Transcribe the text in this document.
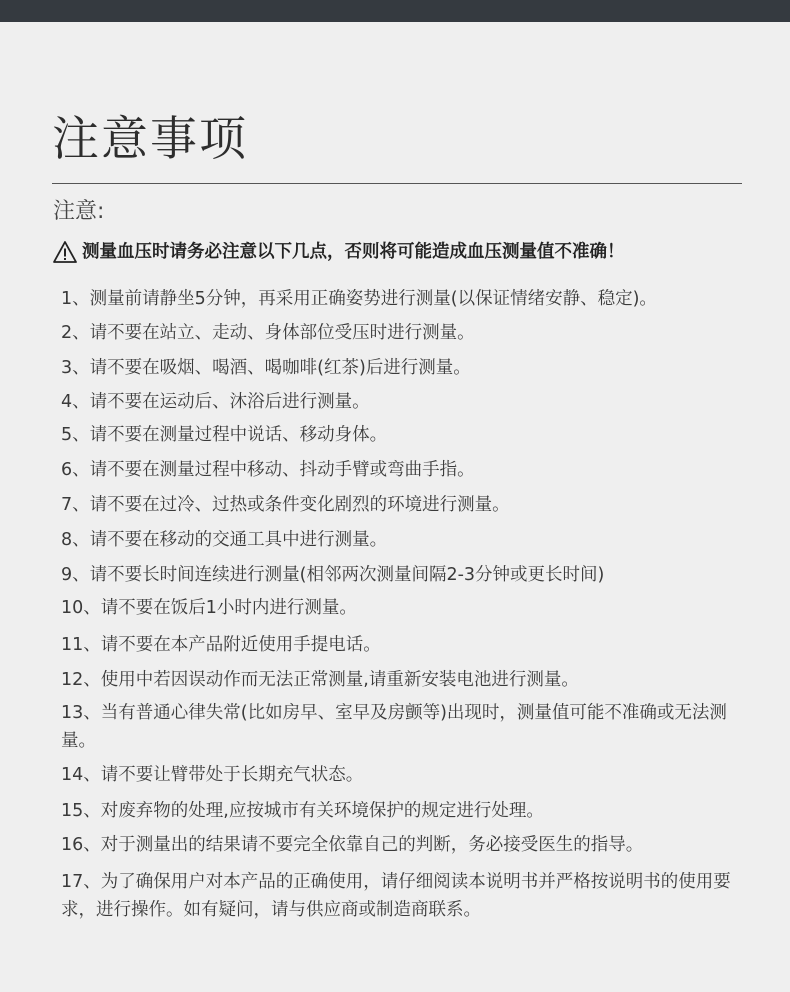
注意事项
注意:
测量血压时请务必注意以下几点，否则将可能造成血压测量值不准确！
1、测量前请静坐5分钟，再采用正确姿势进行测量(以保证情绪安静、稳定)。
2、请不要在站立、走动、身体部位受压时进行测量。
3、请不要在吸烟、喝酒、喝咖啡(红茶)后进行测量。
4、请不要在运动后、沐浴后进行测量。
5、请不要在测量过程中说话、移动身体。
6、请不要在测量过程中移动、抖动手臂或弯曲手指。
7、请不要在过冷、过热或条件变化剧烈的环境进行测量。
8、请不要在移动的交通工具中进行测量。
9、请不要长时间连续进行测量(相邻两次测量间隔2-3分钟或更长时间)
10、请不要在饭后1小时内进行测量。
11、请不要在本产品附近使用手提电话。
12、使用中若因误动作而无法正常测量,请重新安装电池进行测量。
13、当有普通心律失常(比如房早、室早及房颤等)出现时，测量值可能不准确或无法测量。
14、请不要让臂带处于长期充气状态。
15、对废弃物的处理,应按城市有关环境保护的规定进行处理。
16、对于测量出的结果请不要完全依靠自己的判断，务必接受医生的指导。
17、为了确保用户对本产品的正确使用，请仔细阅读本说明书并严格按说明书的使用要求，进行操作。如有疑问，请与供应商或制造商联系。
